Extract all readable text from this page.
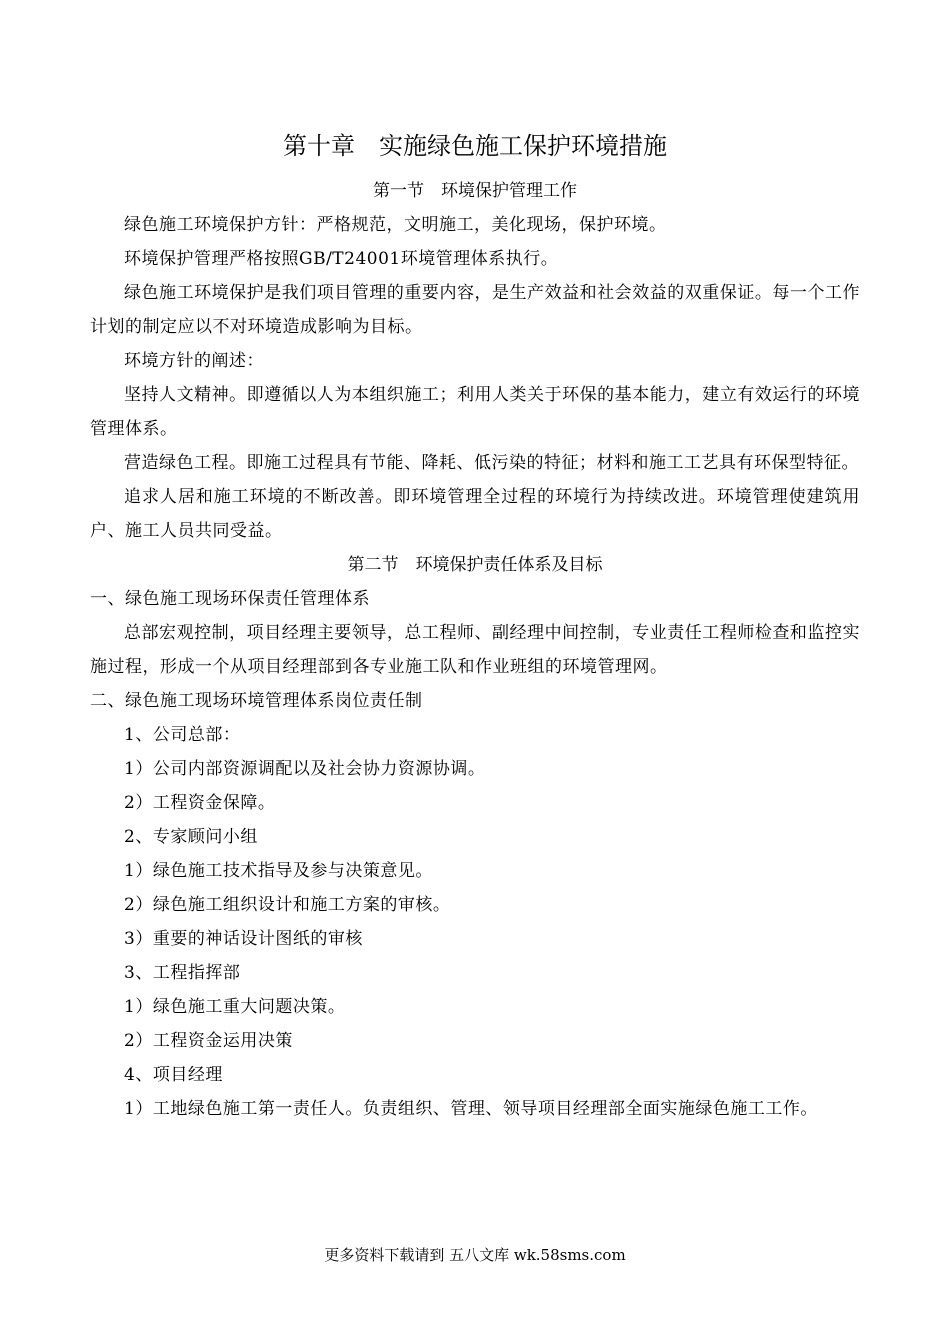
第十章　实施绿色施工保护环境措施
第一节　环境保护管理工作

绿色施工环境保护方针：严格规范，文明施工，美化现场，保护环境。

环境保护管理严格按照GB/T24001环境管理体系执行。

绿色施工环境保护是我们项目管理的重要内容，是生产效益和社会效益的双重保证。每一个工作计划的制定应以不对环境造成影响为目标。

环境方针的阐述：

坚持人文精神。即遵循以人为本组织施工；利用人类关于环保的基本能力，建立有效运行的环境管理体系。

营造绿色工程。即施工过程具有节能、降耗、低污染的特征；材料和施工工艺具有环保型特征。

追求人居和施工环境的不断改善。即环境管理全过程的环境行为持续改进。环境管理使建筑用户、施工人员共同受益。

第二节　环境保护责任体系及目标

一、绿色施工现场环保责任管理体系

总部宏观控制，项目经理主要领导，总工程师、副经理中间控制，专业责任工程师检查和监控实施过程，形成一个从项目经理部到各专业施工队和作业班组的环境管理网。

二、绿色施工现场环境管理体系岗位责任制

1、公司总部：

1）公司内部资源调配以及社会协力资源协调。

2）工程资金保障。

2、专家顾问小组

1）绿色施工技术指导及参与决策意见。

2）绿色施工组织设计和施工方案的审核。

3）重要的神话设计图纸的审核

3、工程指挥部

1）绿色施工重大问题决策。

2）工程资金运用决策

4、项目经理

1）工地绿色施工第一责任人。负责组织、管理、领导项目经理部全面实施绿色施工工作。

更多资料下载请到 五八文库 wk.58sms.com
